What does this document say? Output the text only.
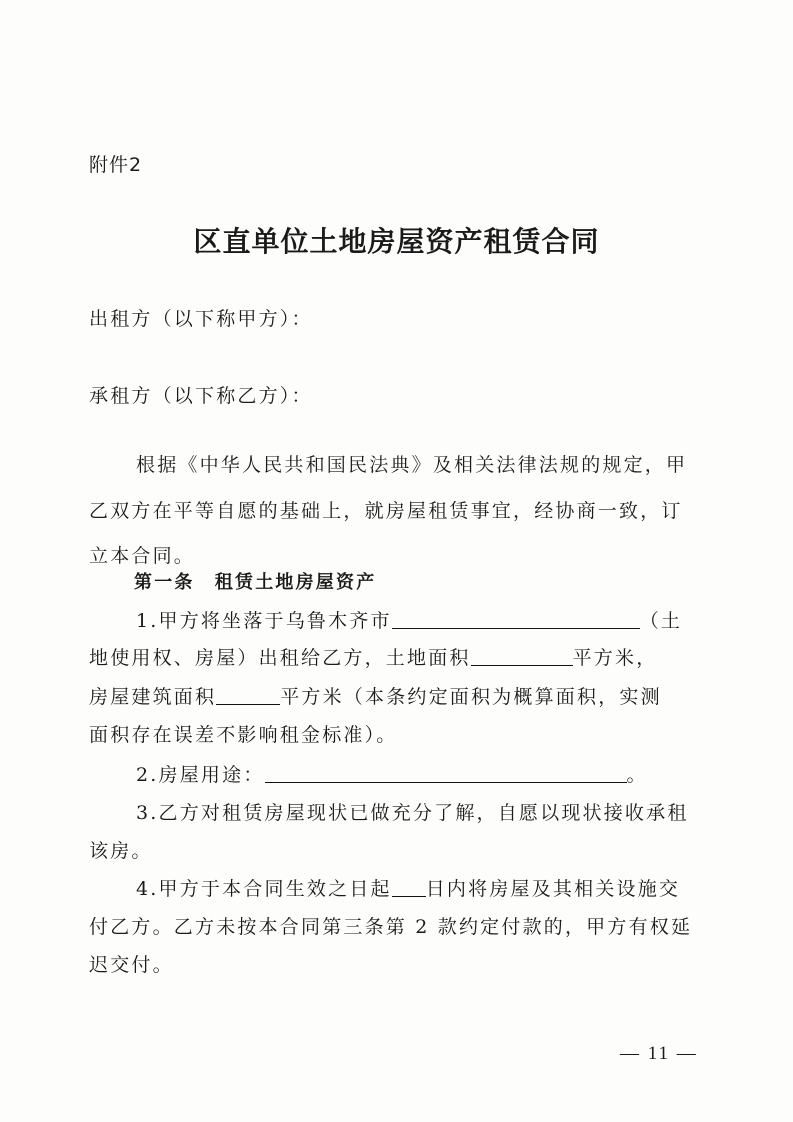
附件2
区直单位土地房屋资产租赁合同
出租方（以下称甲方）：
承租方（以下称乙方）：
根据《中华人民共和国民法典》及相关法律法规的规定，甲
乙双方在平等自愿的基础上，就房屋租赁事宜，经协商一致，订
立本合同。
第一条　租赁土地房屋资产
1.甲方将坐落于乌鲁木齐市	（土
地使用权、房屋）出租给乙方，土地面积	平方米，
房屋建筑面积	平方米（本条约定面积为概算面积，实测
面积存在误差不影响租金标准）。
2.房屋用途：	。
3.乙方对租赁房屋现状已做充分了解，自愿以现状接收承租
该房。
4.甲方于本合同生效之日起 日内将房屋及其相关设施交
付乙方。乙方未按本合同第三条第 2 款约定付款的，甲方有权延
迟交付。
— 11 —
